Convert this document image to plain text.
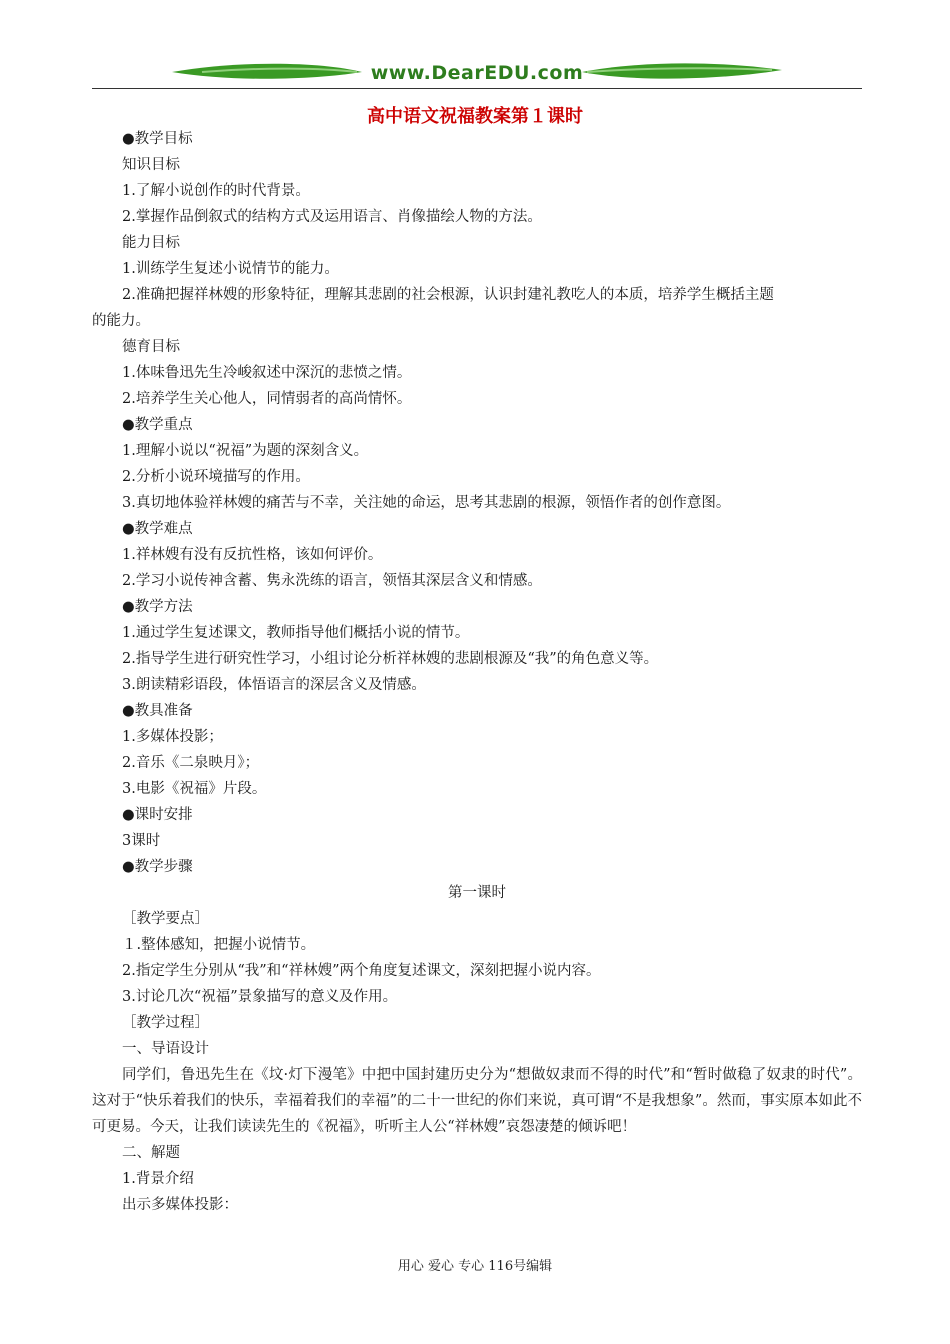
www.DearEDU.com
高中语文祝福教案第１课时
●教学目标
知识目标
1.了解小说创作的时代背景。
2.掌握作品倒叙式的结构方式及运用语言、肖像描绘人物的方法。
能力目标
1.训练学生复述小说情节的能力。
2.准确把握祥林嫂的形象特征，理解其悲剧的社会根源，认识封建礼教吃人的本质，培养学生概括主题
的能力。
德育目标
1.体味鲁迅先生冷峻叙述中深沉的悲愤之情。
2.培养学生关心他人，同情弱者的高尚情怀。
●教学重点
1.理解小说以“祝福”为题的深刻含义。
2.分析小说环境描写的作用。
3.真切地体验祥林嫂的痛苦与不幸，关注她的命运，思考其悲剧的根源，领悟作者的创作意图。
●教学难点
1.祥林嫂有没有反抗性格，该如何评价。
2.学习小说传神含蓄、隽永洗练的语言，领悟其深层含义和情感。
●教学方法
1.通过学生复述课文，教师指导他们概括小说的情节。
2.指导学生进行研究性学习，小组讨论分析祥林嫂的悲剧根源及“我”的角色意义等。
3.朗读精彩语段，体悟语言的深层含义及情感。
●教具准备
1.多媒体投影；
2.音乐《二泉映月》；
3.电影《祝福》片段。
●课时安排
3课时
●教学步骤
第一课时
［教学要点］
１.整体感知，把握小说情节。
2.指定学生分别从“我”和“祥林嫂”两个角度复述课文，深刻把握小说内容。
3.讨论几次“祝福”景象描写的意义及作用。
［教学过程］
一、导语设计
同学们，鲁迅先生在《坟·灯下漫笔》中把中国封建历史分为“想做奴隶而不得的时代”和“暂时做稳了奴隶的时代”。这对于“快乐着我们的快乐，幸福着我们的幸福”的二十一世纪的你们来说，真可谓“不是我想象”。然而，事实原本如此不可更易。今天，让我们读读先生的《祝福》，听听主人公“祥林嫂”哀怨凄楚的倾诉吧！
二、解题
1.背景介绍
出示多媒体投影：
用心 爱心 专心 116号编辑
